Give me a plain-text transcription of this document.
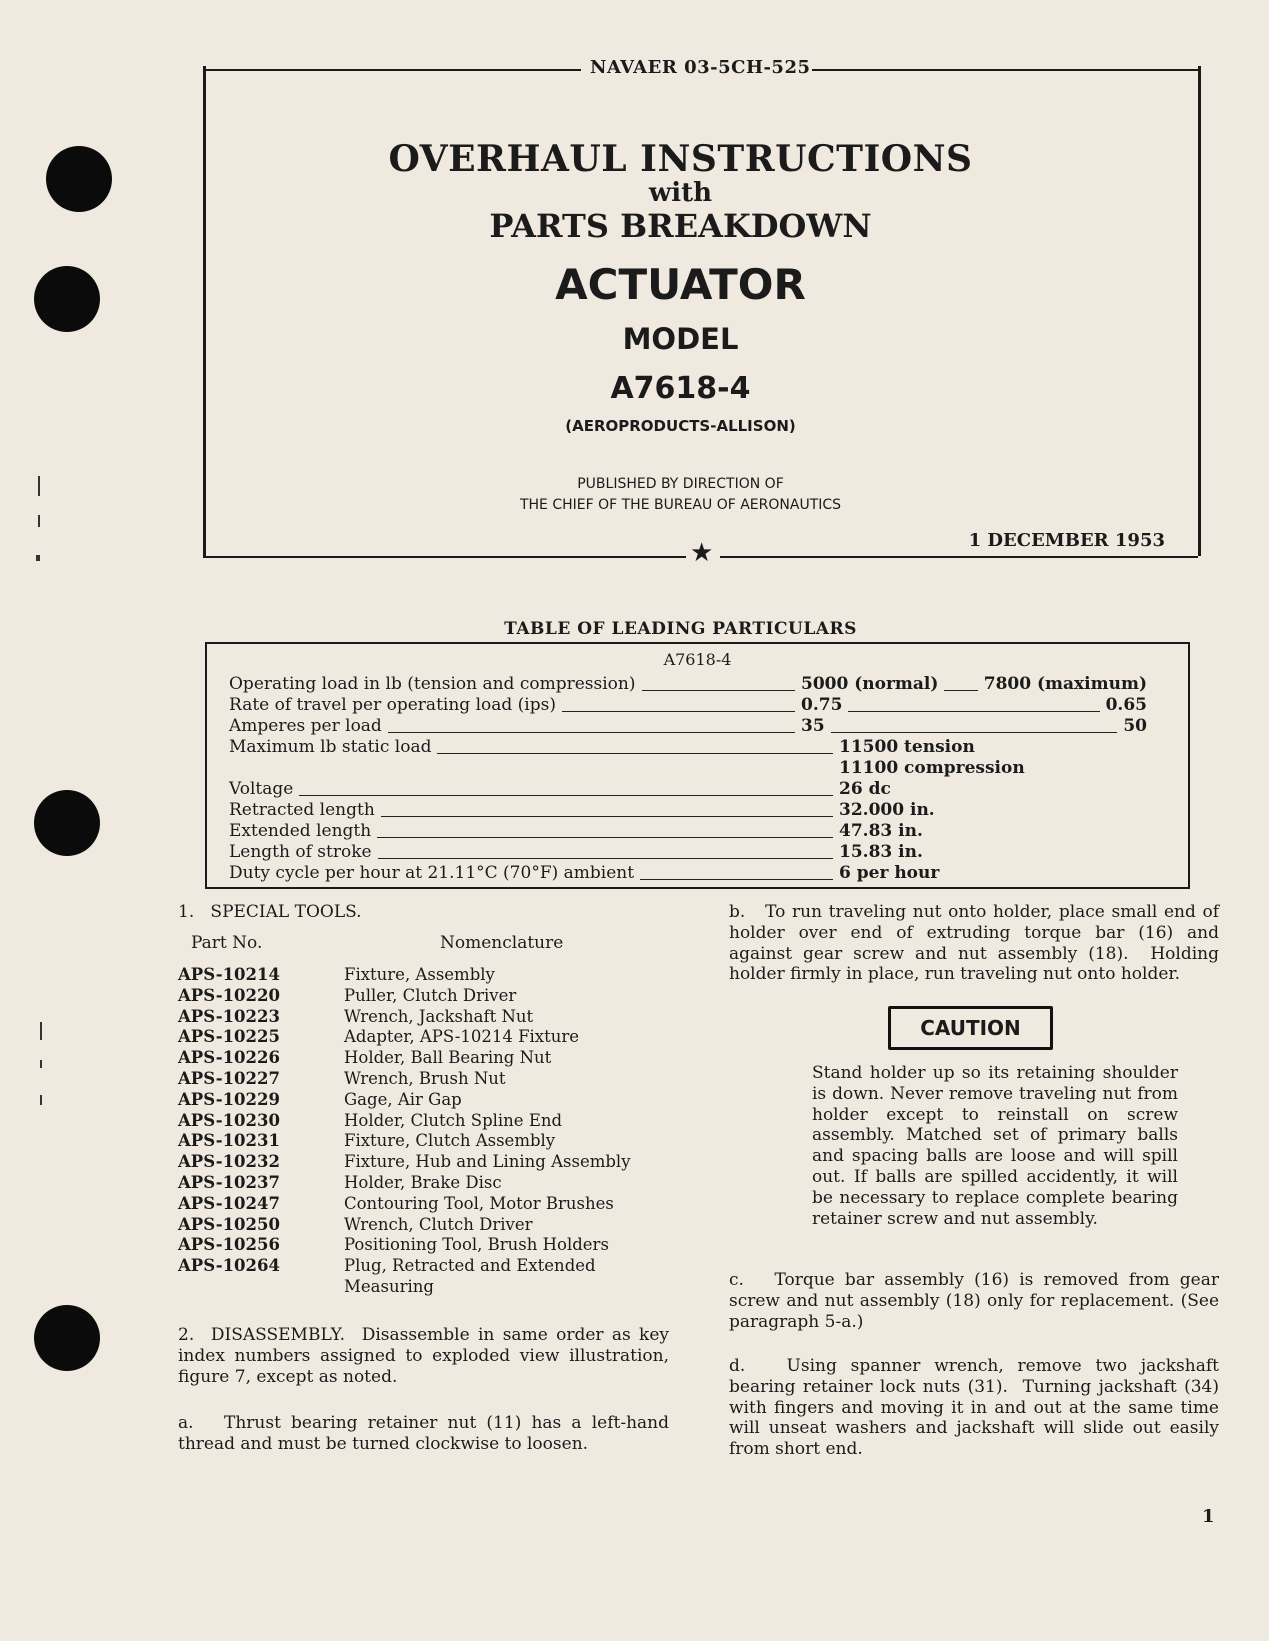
NAVAER 03-5CH-525
OVERHAUL INSTRUCTIONS
with
PARTS BREAKDOWN
ACTUATOR
MODEL
A7618-4
(AEROPRODUCTS-ALLISON)
PUBLISHED BY DIRECTION OF
THE CHIEF OF THE BUREAU OF AERONAUTICS
1 DECEMBER 1953
★
TABLE OF LEADING PARTICULARS
A7618-4
Operating load in lb (tension and compression)	5000 (normal)	7800 (maximum)
Rate of travel per operating load (ips)	0.75	0.65
Amperes per load	35	50
Maximum lb static load	11500 tension
11100 compression
Voltage	26 dc
Retracted length	32.000 in.
Extended length	47.83 in.
Length of stroke	15.83 in.
Duty cycle per hour at 21.11°C (70°F) ambient	6 per hour
1.   SPECIAL TOOLS.
Part No.	Nomenclature
APS-10214	Fixture, Assembly
APS-10220	Puller, Clutch Driver
APS-10223	Wrench, Jackshaft Nut
APS-10225	Adapter, APS-10214 Fixture
APS-10226	Holder, Ball Bearing Nut
APS-10227	Wrench, Brush Nut
APS-10229	Gage, Air Gap
APS-10230	Holder, Clutch Spline End
APS-10231	Fixture, Clutch Assembly
APS-10232	Fixture, Hub and Lining Assembly
APS-10237	Holder, Brake Disc
APS-10247	Contouring Tool, Motor Brushes
APS-10250	Wrench, Clutch Driver
APS-10256	Positioning Tool, Brush Holders
APS-10264	Plug, Retracted and Extended
Measuring
2.  DISASSEMBLY.  Disassemble in same order as key index numbers assigned to exploded view illustration, figure 7, except as noted.
a.   Thrust bearing retainer nut (11) has a left-hand thread and must be turned clockwise to loosen.
b.   To run traveling nut onto holder, place small end of holder over end of extruding torque bar (16) and against gear screw and nut assembly (18).  Holding holder firmly in place, run traveling nut onto holder.
CAUTION
Stand holder up so its retaining shoulder is down. Never remove traveling nut from holder except to reinstall on screw assembly. Matched set of primary balls and spacing balls are loose and will spill out. If balls are spilled accidently, it will be necessary to replace complete bearing retainer screw and nut assembly.
c.   Torque bar assembly (16) is removed from gear screw and nut assembly (18) only for replacement. (See paragraph 5-a.)
d.   Using spanner wrench, remove two jackshaft bearing retainer lock nuts (31).  Turning jackshaft (34) with fingers and moving it in and out at the same time will unseat washers and jackshaft will slide out easily from short end.
1
